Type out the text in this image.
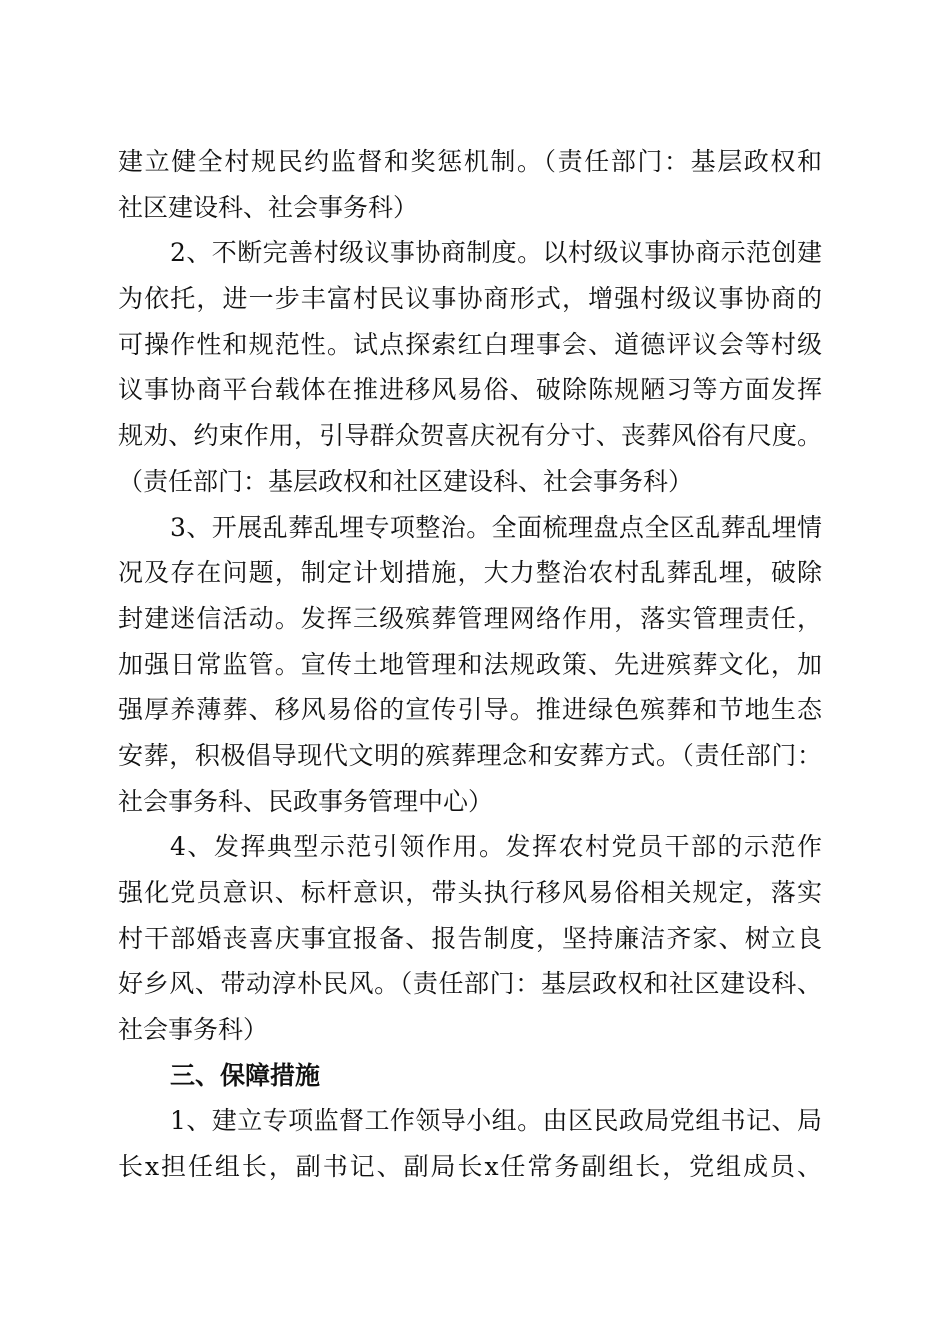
建立健全村规民约监督和奖惩机制。（责任部门：基层政权和
社区建设科、社会事务科）
2、不断完善村级议事协商制度。以村级议事协商示范创建
为依托，进一步丰富村民议事协商形式，增强村级议事协商的
可操作性和规范性。试点探索红白理事会、道德评议会等村级
议事协商平台载体在推进移风易俗、破除陈规陋习等方面发挥
规劝、约束作用，引导群众贺喜庆祝有分寸、丧葬风俗有尺度。
（责任部门：基层政权和社区建设科、社会事务科）
3、开展乱葬乱埋专项整治。全面梳理盘点全区乱葬乱埋情
况及存在问题，制定计划措施，大力整治农村乱葬乱埋，破除
封建迷信活动。发挥三级殡葬管理网络作用，落实管理责任，
加强日常监管。宣传土地管理和法规政策、先进殡葬文化，加
强厚养薄葬、移风易俗的宣传引导。推进绿色殡葬和节地生态
安葬，积极倡导现代文明的殡葬理念和安葬方式。（责任部门：
社会事务科、民政事务管理中心）
4、发挥典型示范引领作用。发挥农村党员干部的示范作
强化党员意识、标杆意识，带头执行移风易俗相关规定，落实
村干部婚丧喜庆事宜报备、报告制度，坚持廉洁齐家、树立良
好乡风、带动淳朴民风。（责任部门：基层政权和社区建设科、
社会事务科）
三、保障措施
1、建立专项监督工作领导小组。由区民政局党组书记、局
长x担任组长，副书记、副局长x任常务副组长，党组成员、
